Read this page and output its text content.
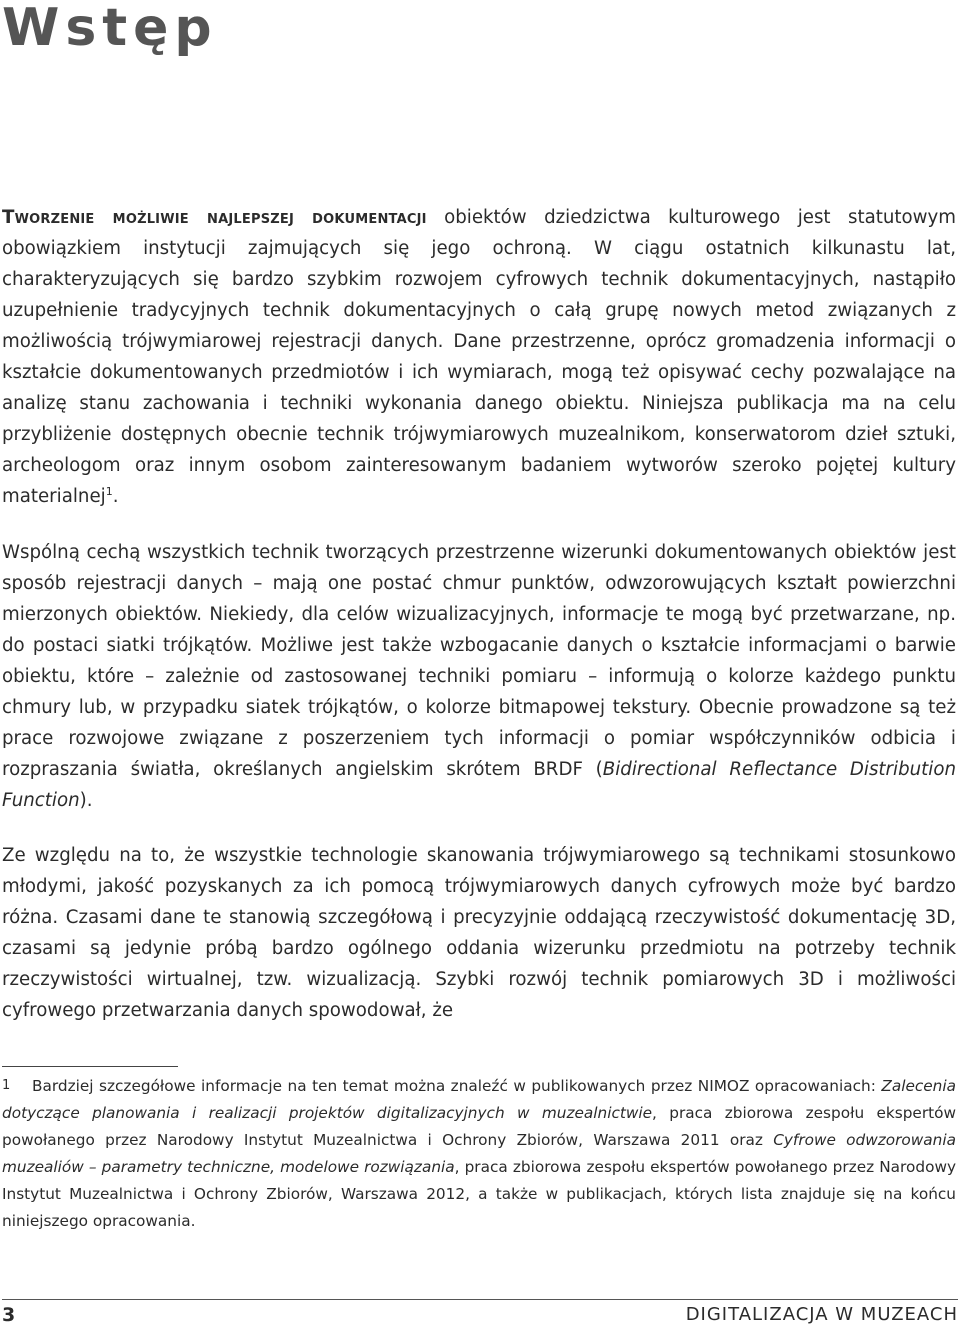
Wstęp

Tworzenie możliwie najlepszej dokumentacji obiektów dziedzictwa kulturowego jest statutowym obowiązkiem instytucji zajmujących się jego ochroną. W ciągu ostatnich kilkunastu lat, charakteryzujących się bardzo szybkim rozwojem cyfrowych technik dokumentacyjnych, nastąpiło uzupełnienie tradycyjnych technik dokumentacyjnych o całą grupę nowych metod związanych z możliwością trójwymiarowej rejestracji danych. Dane przestrzenne, oprócz gromadzenia informacji o kształcie dokumentowanych przedmiotów i ich wymiarach, mogą też opisywać cechy pozwalające na analizę stanu zachowania i techniki wykonania danego obiektu. Niniejsza publikacja ma na celu przybliżenie dostępnych obecnie technik trójwymiarowych muzealnikom, konserwatorom dzieł sztuki, archeologom oraz innym osobom zainteresowanym badaniem wytworów szeroko pojętej kultury materialnej$^1$.

Wspólną cechą wszystkich technik tworzących przestrzenne wizerunki dokumentowanych obiektów jest sposób rejestracji danych – mają one postać chmur punktów, odwzorowujących kształt powierzchni mierzonych obiektów. Niekiedy, dla celów wizualizacyjnych, informacje te mogą być przetwarzane, np. do postaci siatki trójkątów. Możliwe jest także wzbogacanie danych o kształcie informacjami o barwie obiektu, które – zależnie od zastosowanej techniki pomiaru – informują o kolorze każdego punktu chmury lub, w przypadku siatek trójkątów, o kolorze bitmapowej tekstury. Obecnie prowadzone są też prace rozwojowe związane z poszerzeniem tych informacji o pomiar współczynników odbicia i rozpraszania światła, określanych angielskim skrótem BRDF (Bidirectional Reflectance Distribution Function).

Ze względu na to, że wszystkie technologie skanowania trójwymiarowego są technikami stosunkowo młodymi, jakość pozyskanych za ich pomocą trójwymiarowych danych cyfrowych może być bardzo różna. Czasami dane te stanowią szczegółową i precyzyjnie oddającą rzeczywistość dokumentację 3D, czasami są jedynie próbą bardzo ogólnego oddania wizerunku przedmiotu na potrzeby technik rzeczywistości wirtualnej, tzw. wizualizacją. Szybki rozwój technik pomiarowych 3D i możliwości cyfrowego przetwarzania danych spowodował, że

1 Bardziej szczegółowe informacje na ten temat można znaleźć w publikowanych przez NIMOZ opracowaniach: Zalecenia dotyczące planowania i realizacji projektów digitalizacyjnych w muzealnictwie, praca zbiorowa zespołu ekspertów powołanego przez Narodowy Instytut Muzealnictwa i Ochrony Zbiorów, Warszawa 2011 oraz Cyfrowe odwzorowania muzealiów – parametry techniczne, modelowe rozwiązania, praca zbiorowa zespołu ekspertów powołanego przez Narodowy Instytut Muzealnictwa i Ochrony Zbiorów, Warszawa 2012, a także w publikacjach, których lista znajduje się na końcu niniejszego opracowania.

3	DIGITALIZACJA W MUZEACH
